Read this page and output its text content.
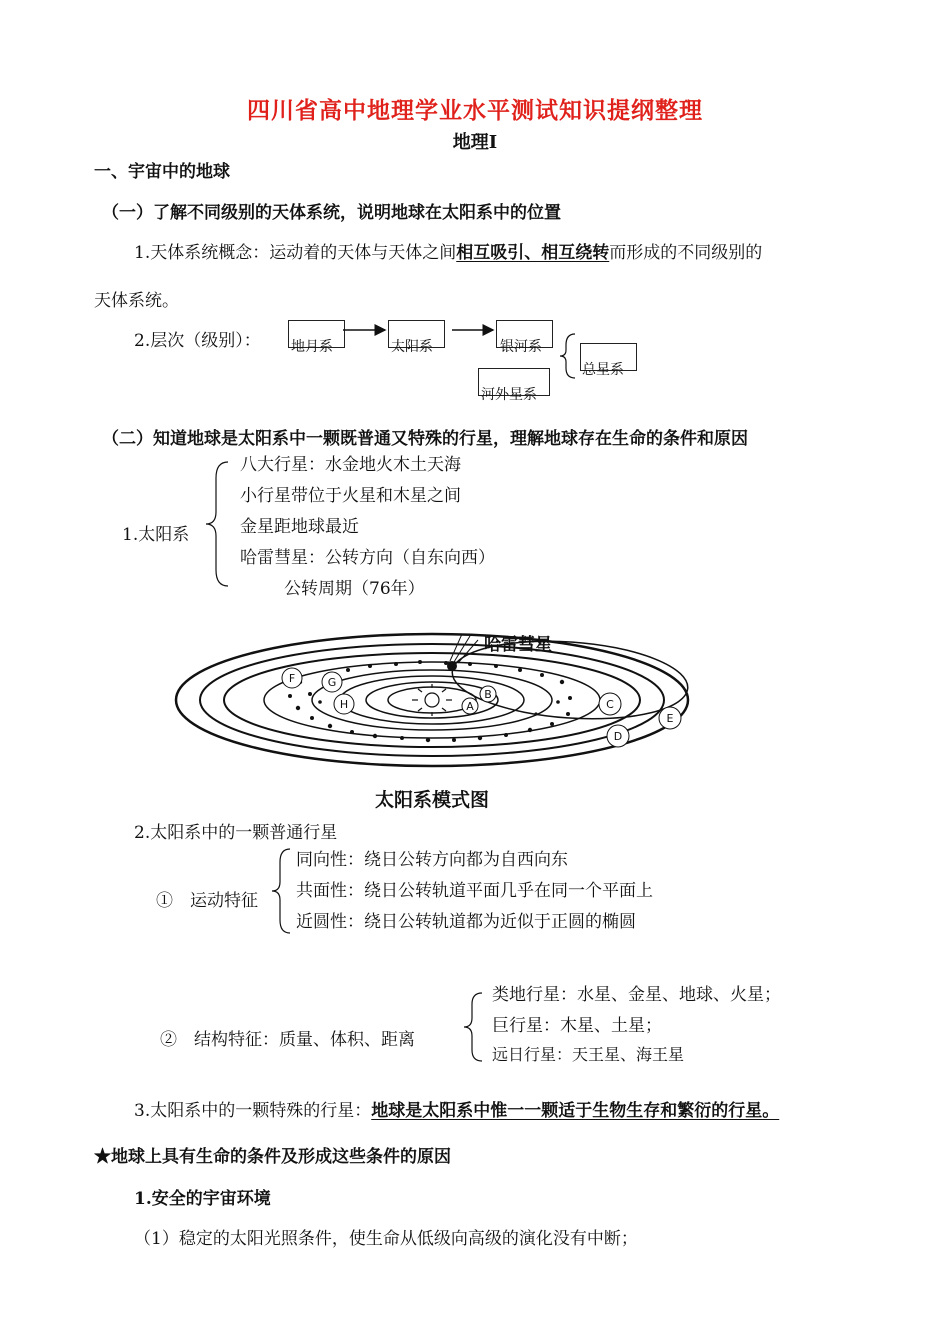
四川省高中地理学业水平测试知识提纲整理
地理Ⅰ
一、宇宙中的地球
（一）了解不同级别的天体系统，说明地球在太阳系中的位置
1.天体系统概念：运动着的天体与天体之间相互吸引、相互绕转而形成的不同级别的
天体系统。
2.层次（级别）： 地月系	太阳系	银河系
河外星系
总星系
（二）知道地球是太阳系中一颗既普通又特殊的行星，理解地球存在生命的条件和原因
1.太阳系
八大行星：水金地火木土天海
小行星带位于火星和木星之间
金星距地球最近
哈雷彗星：公转方向（自东向西）
公转周期（76年）
哈雷彗星
A
B
C
D
E
F	G
H
太阳系模式图
2.太阳系中的一颗普通行星
①　运动特征
同向性：绕日公转方向都为自西向东
共面性：绕日公转轨道平面几乎在同一个平面上
近圆性：绕日公转轨道都为近似于正圆的椭圆
②　结构特征：质量、体积、距离
类地行星：水星、金星、地球、火星；
巨行星：木星、土星；
远日行星：天王星、海王星
3.太阳系中的一颗特殊的行星：地球是太阳系中惟一一颗适于生物生存和繁衍的行星。
★地球上具有生命的条件及形成这些条件的原因
1.安全的宇宙环境
（1）稳定的太阳光照条件，使生命从低级向高级的演化没有中断；
